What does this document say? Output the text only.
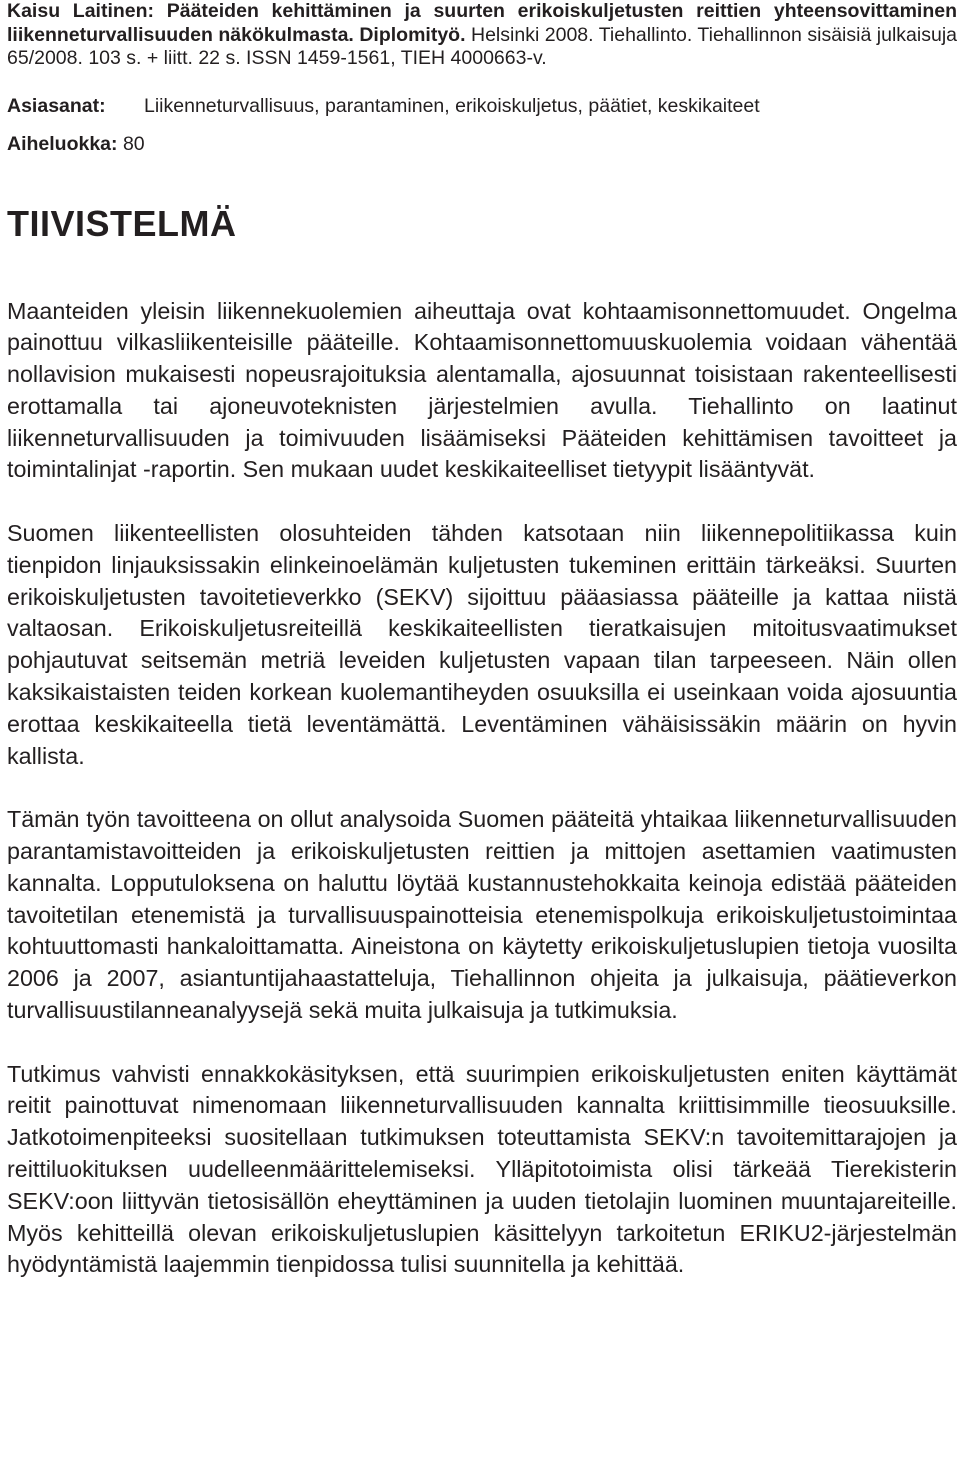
Kaisu Laitinen: Pääteiden kehittäminen ja suurten erikoiskuljetusten reittien yhteensovittaminen liikenneturvallisuuden näkökulmasta. Diplomityö. Helsinki 2008. Tiehallinto. Tiehallinnon sisäisiä julkaisuja 65/2008. 103 s. + liitt. 22 s. ISSN 1459-1561, TIEH 4000663-v.

Asiasanat: Liikenneturvallisuus, parantaminen, erikoiskuljetus, päätiet, keskikaiteet
Aiheluokka: 80
TIIVISTELMÄ

Maanteiden yleisin liikennekuolemien aiheuttaja ovat kohtaamisonnettomuudet. Ongelma painottuu vilkasliikenteisille pääteille. Kohtaamisonnettomuuskuolemia voidaan vähentää nollavision mukaisesti nopeusrajoituksia alentamalla, ajosuunnat toisistaan rakenteellisesti erottamalla tai ajoneuvoteknisten järjestelmien avulla. Tiehallinto on laatinut liikenneturvallisuuden ja toimivuuden lisäämiseksi Pääteiden kehittämisen tavoitteet ja toimintalinjat -raportin. Sen mukaan uudet keskikaiteelliset tietyypit lisääntyvät.

Suomen liikenteellisten olosuhteiden tähden katsotaan niin liikennepolitiikassa kuin tienpidon linjauksissakin elinkeinoelämän kuljetusten tukeminen erittäin tärkeäksi. Suurten erikoiskuljetusten tavoitetieverkko (SEKV) sijoittuu pääasiassa pääteille ja kattaa niistä valtaosan. Erikoiskuljetusreiteillä keskikaiteellisten tieratkaisujen mitoitusvaatimukset pohjautuvat seitsemän metriä leveiden kuljetusten vapaan tilan tarpeeseen. Näin ollen kaksikaistaisten teiden korkean kuolemantiheyden osuuksilla ei useinkaan voida ajosuuntia erottaa keskikaiteella tietä leventämättä. Leventäminen vähäisissäkin määrin on hyvin kallista.

Tämän työn tavoitteena on ollut analysoida Suomen pääteitä yhtaikaa liikenneturvallisuuden parantamistavoitteiden ja erikoiskuljetusten reittien ja mittojen asettamien vaatimusten kannalta. Lopputuloksena on haluttu löytää kustannustehokkaita keinoja edistää pääteiden tavoitetilan etenemistä ja turvallisuuspainotteisia etenemispolkuja erikoiskuljetustoimintaa kohtuuttomasti hankaloittamatta. Aineistona on käytetty erikoiskuljetuslupien tietoja vuosilta 2006 ja 2007, asiantuntijahaastatteluja, Tiehallinnon ohjeita ja julkaisuja, päätieverkon turvallisuustilanneanalyysejä sekä muita julkaisuja ja tutkimuksia.

Tutkimus vahvisti ennakkokäsityksen, että suurimpien erikoiskuljetusten eniten käyttämät reitit painottuvat nimenomaan liikenneturvallisuuden kannalta kriittisimmille tieosuuksille. Jatkotoimenpiteeksi suositellaan tutkimuksen toteuttamista SEKV:n tavoitemittarajojen ja reittiluokituksen uudelleenmäärittelemiseksi. Ylläpitotoimista olisi tärkeää Tierekisterin SEKV:oon liittyvän tietosisällön eheyttäminen ja uuden tietolajin luominen muuntajareiteille. Myös kehitteillä olevan erikoiskuljetuslupien käsittelyyn tarkoitetun ERIKU2-järjestelmän hyödyntämistä laajemmin tienpidossa tulisi suunnitella ja kehittää.
